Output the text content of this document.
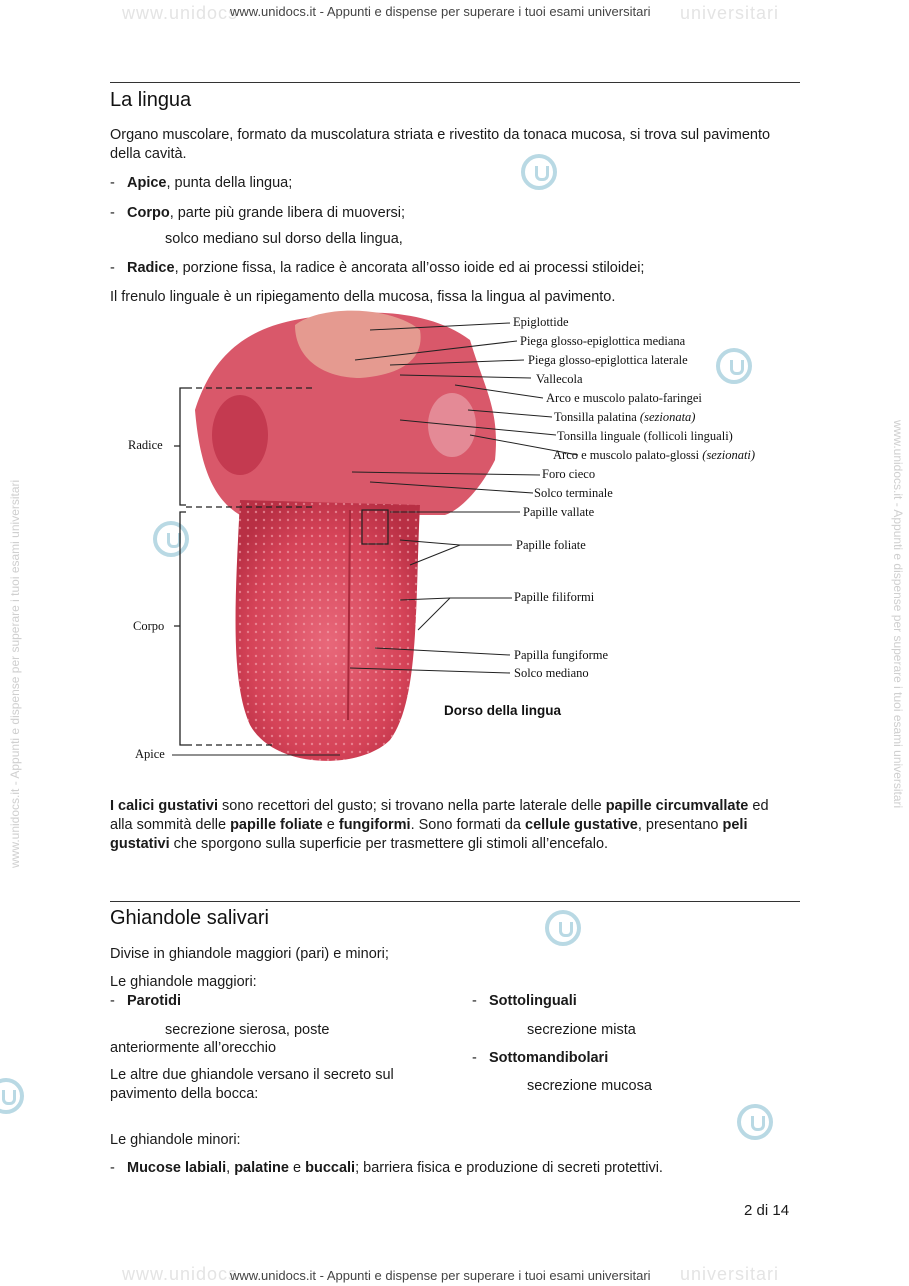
www.unidocs	universitari
www.unidocs.it - Appunti e dispense per superare i tuoi esami universitari
www.unidocs.it - Appunti e dispense per superare i tuoi esami universitari	www.unidocs.it - Appunti e dispense per superare i tuoi esami universitari
La lingua
Organo muscolare, formato da muscolatura striata e rivestito da tonaca mucosa, si trova sul pavimento della cavità.
- Apice, punta della lingua;
- Corpo, parte più grande libera di muoversi;
solco mediano sul dorso della lingua,
- Radice, porzione fissa, la radice è ancorata all’osso ioide ed ai processi stiloidei;
Il frenulo linguale è un ripiegamento della mucosa, fissa la lingua al pavimento.
Radice
Corpo
Apice
Epiglottide
Piega glosso-epiglottica mediana
Piega glosso-epiglottica laterale
Vallecola
Arco e muscolo palato-faringei
Tonsilla palatina (sezionata)
Tonsilla linguale (follicoli linguali)
Arco e muscolo palato-glossi (sezionati)
Foro cieco
Solco terminale
Papille vallate
Papille foliate
Papille filiformi
Papilla fungiforme
Solco mediano
Dorso della lingua
I calici gustativi sono recettori del gusto; si trovano nella parte laterale delle papille circumvallate ed alla sommità delle papille foliate e fungiformi. Sono formati da cellule gustative, presentano peli gustativi che sporgono sulla superficie per trasmettere gli stimoli all’encefalo.
Ghiandole salivari
Divise in ghiandole maggiori (pari) e minori;
Le ghiandole maggiori:
- Parotidi
secrezione sierosa, poste
anteriormente all’orecchio
Le altre due ghiandole versano il secreto sul pavimento della bocca:
- Sottolinguali
secrezione mista
- Sottomandibolari
secrezione mucosa
Le ghiandole minori:
- Mucose labiali, palatine e buccali; barriera fisica e produzione di secreti protettivi.
2 di 14
www.unidocs	universitari
www.unidocs.it - Appunti e dispense per superare i tuoi esami universitari
